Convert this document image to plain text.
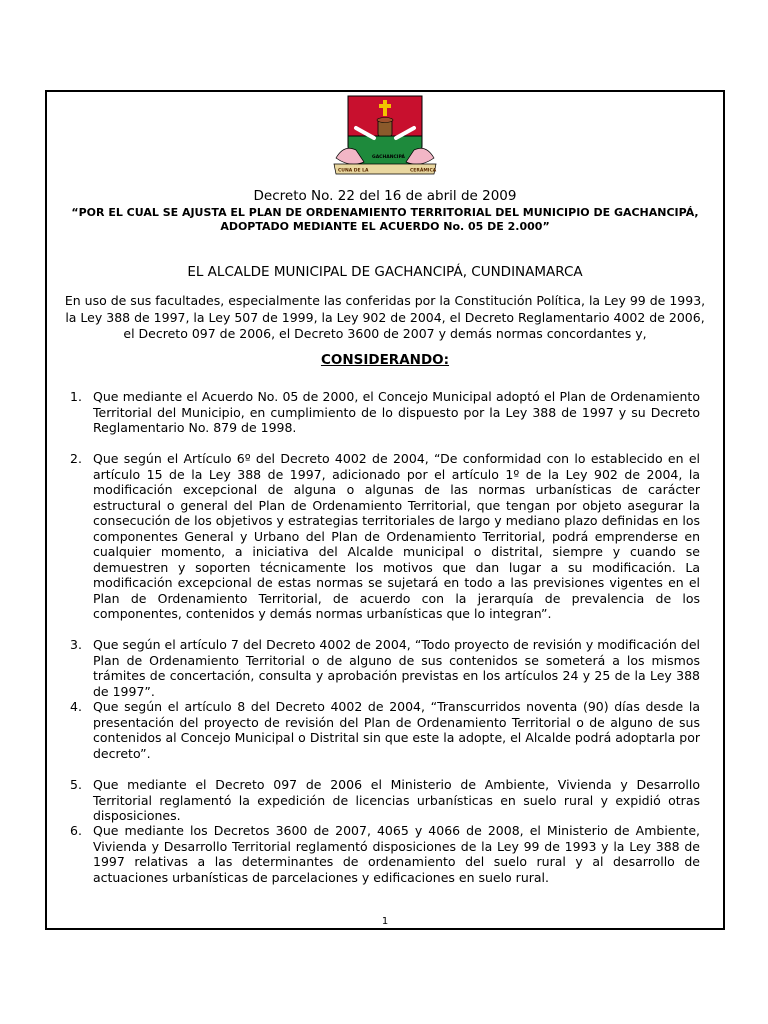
CUNA DE LA
GACHANCIPÁ
CERÁMICA
Decreto No. 22 del 16 de abril de 2009
“POR EL CUAL SE AJUSTA EL PLAN DE ORDENAMIENTO TERRITORIAL DEL MUNICIPIO DE GACHANCIPÁ,
ADOPTADO MEDIANTE EL ACUERDO No. 05 DE 2.000”
EL ALCALDE MUNICIPAL DE GACHANCIPÁ, CUNDINAMARCA
En uso de sus facultades, especialmente las conferidas por la Constitución Política, la Ley 99 de 1993, la Ley 388 de 1997, la Ley 507 de 1999, la Ley 902 de 2004, el Decreto Reglamentario 4002 de 2006, el Decreto 097 de 2006, el Decreto 3600 de 2007 y demás normas concordantes y,
CONSIDERANDO:
1. Que mediante el Acuerdo No. 05 de 2000, el Concejo Municipal adoptó el Plan de Ordenamiento Territorial del Municipio, en cumplimiento de lo dispuesto por la Ley 388 de 1997 y su Decreto Reglamentario No. 879 de 1998.
2. Que según el Artículo 6º del Decreto 4002 de 2004, “De conformidad con lo establecido en el artículo 15 de la Ley 388 de 1997, adicionado por el artículo 1º de la Ley 902 de 2004, la modificación excepcional de alguna o algunas de las normas urbanísticas de carácter estructural o general del Plan de Ordenamiento Territorial, que tengan por objeto asegurar la consecución de los objetivos y estrategias territoriales de largo y mediano plazo definidas en los componentes General y Urbano del Plan de Ordenamiento Territorial, podrá emprenderse en cualquier momento, a iniciativa del Alcalde municipal o distrital, siempre y cuando se demuestren y soporten técnicamente los motivos que dan lugar a su modificación. La modificación excepcional de estas normas se sujetará en todo a las previsiones vigentes en el Plan de Ordenamiento Territorial, de acuerdo con la jerarquía de prevalencia de los componentes, contenidos y demás normas urbanísticas que lo integran”.
3. Que según el artículo 7 del Decreto 4002 de 2004, “Todo proyecto de revisión y modificación del Plan de Ordenamiento Territorial o de alguno de sus contenidos se someterá a los mismos trámites de concertación, consulta y aprobación previstas en los artículos 24 y 25 de la Ley 388 de 1997”.
4. Que según el artículo 8 del Decreto 4002 de 2004, “Transcurridos noventa (90) días desde la presentación del proyecto de revisión del Plan de Ordenamiento Territorial o de alguno de sus contenidos al Concejo Municipal o Distrital sin que este la adopte, el Alcalde podrá adoptarla por decreto”.
5. Que mediante el Decreto 097 de 2006 el Ministerio de Ambiente, Vivienda y Desarrollo Territorial reglamentó la expedición de licencias urbanísticas en suelo rural y expidió otras disposiciones.
6. Que mediante los Decretos 3600 de 2007, 4065 y 4066 de 2008, el Ministerio de Ambiente, Vivienda y Desarrollo Territorial reglamentó disposiciones de la Ley 99 de 1993 y la Ley 388 de 1997 relativas a las determinantes de ordenamiento del suelo rural y al desarrollo de actuaciones urbanísticas de parcelaciones y edificaciones en suelo rural.
1
